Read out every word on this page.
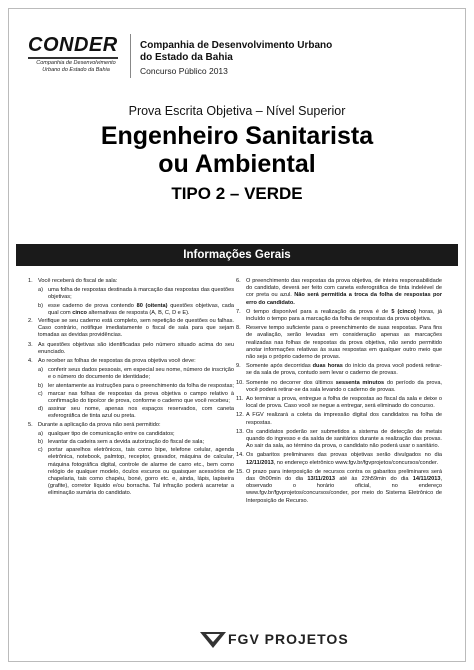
CONDER
Companhia de Desenvolvimento
Urbano do Estado da Bahia
Companhia de Desenvolvimento Urbano
do Estado da Bahia
Concurso Público 2013
Prova Escrita Objetiva – Nível Superior
Engenheiro Sanitarista
ou Ambiental
TIPO 2 – VERDE
Informações Gerais
1. Você receberá do fiscal de sala:
a) uma folha de respostas destinada à marcação das respostas das questões objetivas;
b) esse caderno de prova contendo 80 (oitenta) questões objetivas, cada qual com cinco alternativas de resposta (A, B, C, D e E).
2. Verifique se seu caderno está completo, sem repetição de questões ou falhas. Caso contrário, notifique imediatamente o fiscal de sala para que sejam tomadas as devidas providências.
3. As questões objetivas são identificadas pelo número situado acima do seu enunciado.
4. Ao receber as folhas de respostas da prova objetiva você deve:
a) conferir seus dados pessoais, em especial seu nome, número de inscrição e o número do documento de identidade;
b) ler atentamente as instruções para o preenchimento da folha de respostas;
c) marcar nas folhas de respostas da prova objetiva o campo relativo à confirmação do tipo/cor de prova, conforme o caderno que você recebeu;
d) assinar seu nome, apenas nos espaços reservados, com caneta esferográfica de tinta azul ou preta.
5. Durante a aplicação da prova não será permitido:
a) qualquer tipo de comunicação entre os candidatos;
b) levantar da cadeira sem a devida autorização do fiscal de sala;
c) portar aparelhos eletrônicos, tais como bipe, telefone celular, agenda eletrônica, notebook, palmtop, receptor, gravador, máquina de calcular, máquina fotográfica digital, controle de alarme de carro etc., bem como relógio de qualquer modelo, óculos escuros ou quaisquer acessórios de chapelaria, tais como chapéu, boné, gorro etc. e, ainda, lápis, lapiseira (grafite), corretor líquido e/ou borracha. Tal infração poderá acarretar a eliminação sumária do candidato.
6. O preenchimento das respostas da prova objetiva, de inteira responsabilidade do candidato, deverá ser feito com caneta esferográfica de tinta indelével de cor preta ou azul. Não será permitida a troca da folha de respostas por erro do candidato.
7. O tempo disponível para a realização da prova é de 5 (cinco) horas, já incluído o tempo para a marcação da folha de respostas da prova objetiva.
8. Reserve tempo suficiente para o preenchimento de suas respostas. Para fins de avaliação, serão levadas em consideração apenas as marcações realizadas nas folhas de respostas da prova objetiva, não sendo permitido anotar informações relativas às suas respostas em qualquer outro meio que não seja o próprio caderno de provas.
9. Somente após decorridas duas horas do início da prova você poderá retirar-se da sala de prova, contudo sem levar o caderno de provas.
10. Somente no decorrer dos últimos sessenta minutos do período da prova, você poderá retirar-se da sala levando o caderno de provas.
11. Ao terminar a prova, entregue a folha de respostas ao fiscal da sala e deixe o local de prova. Caso você se negue a entregar, será eliminado do concurso.
12. A FGV realizará a coleta da impressão digital dos candidatos na folha de respostas.
13. Os candidatos poderão ser submetidos a sistema de detecção de metais quando do ingresso e da saída de sanitários durante a realização das provas. Ao sair da sala, ao término da prova, o candidato não poderá usar o sanitário.
14. Os gabaritos preliminares das provas objetivas serão divulgados no dia 12/11/2013, no endereço eletrônico www.fgv.br/fgvprojetos/concursos/conder.
15. O prazo para interposição de recursos contra os gabaritos preliminares será das 0h00min do dia 13/11/2013 até às 23h59min do dia 14/11/2013, observado o horário oficial, no endereço www.fgv.br/fgvprojetos/concursos/conder, por meio do Sistema Eletrônico de Interposição de Recurso.
FGV PROJETOS
